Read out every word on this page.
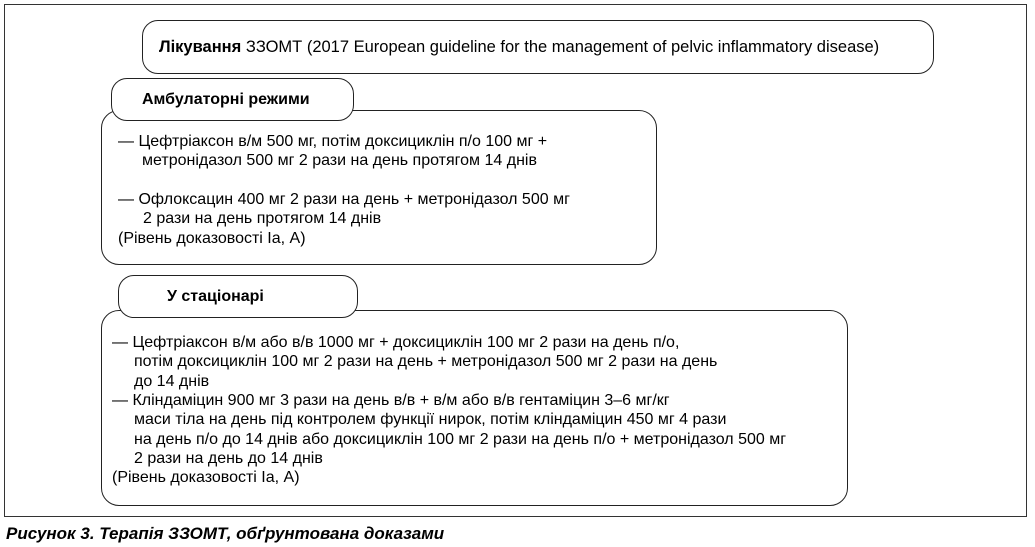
Лікування ЗЗОМТ (2017 European guideline for the management of pelvic inflammatory disease)
Амбулаторні режими
— Цефтріаксон в/м 500 мг, потім доксициклін п/о 100 мг +
метронідазол 500 мг 2 рази на день протягом 14 днів
— Офлоксацин 400 мг 2 рази на день + метронідазол 500 мг
2 рази на день протягом 14 днів
(Рівень доказовості Іа, А)
У стаціонарі
— Цефтріаксон в/м або в/в 1000 мг + доксициклін 100 мг 2 рази на день п/о,
потім доксициклін 100 мг 2 рази на день + метронідазол 500 мг 2 рази на день
до 14 днів
— Кліндаміцин 900 мг 3 рази на день в/в + в/м або в/в гентаміцин 3–6 мг/кг
маси тіла на день під контролем функції нирок, потім кліндаміцин 450 мг 4 рази
на день п/о до 14 днів або доксициклін 100 мг 2 рази на день п/о + метронідазол 500 мг
2 рази на день до 14 днів
(Рівень доказовості Іа, А)
Рисунок 3. Терапія ЗЗОМТ, обґрунтована доказами
